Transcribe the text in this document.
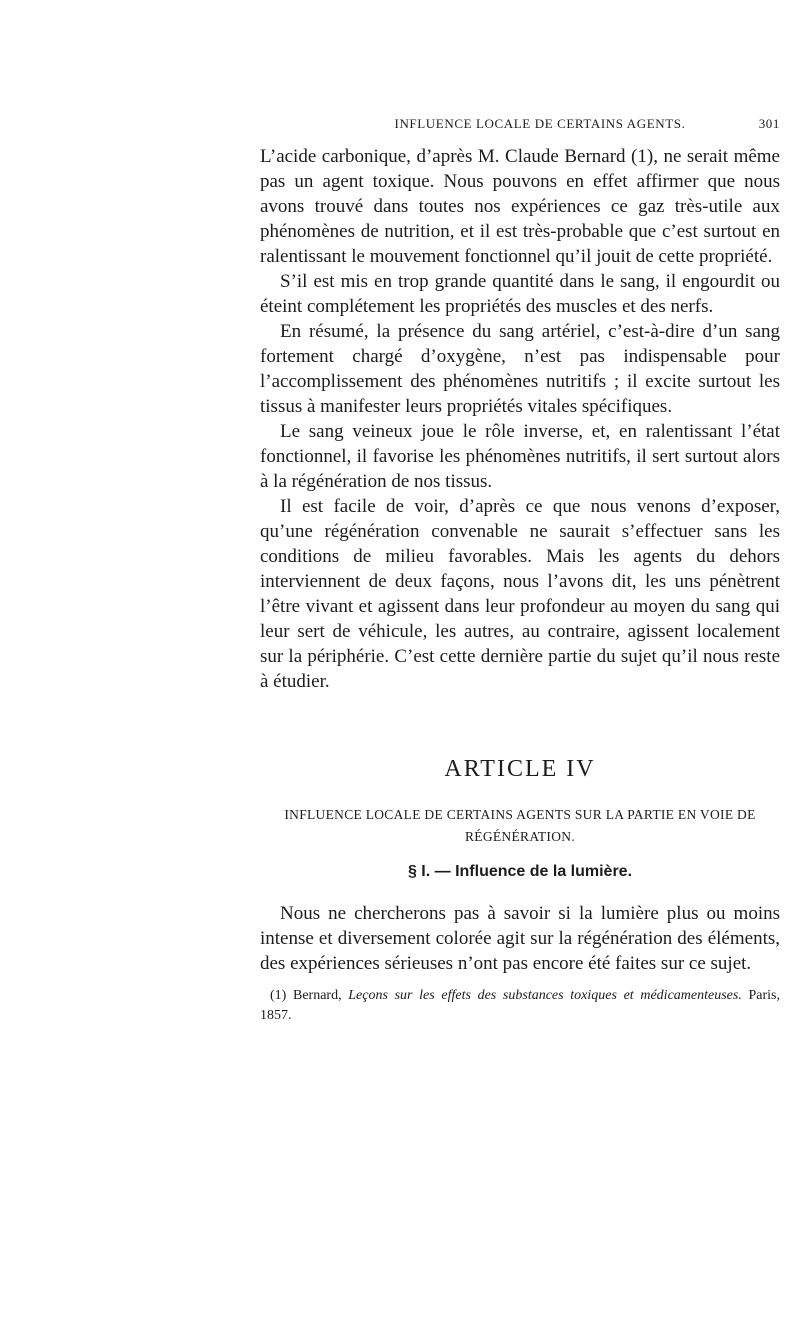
INFLUENCE LOCALE DE CERTAINS AGENTS.	301

L’acide carbonique, d’après M. Claude Bernard (1), ne serait même pas un agent toxique. Nous pouvons en effet affirmer que nous avons trouvé dans toutes nos expériences ce gaz très-utile aux phénomènes de nutrition, et il est très-probable que c’est surtout en ralentissant le mouvement fonctionnel qu’il jouit de cette propriété.

S’il est mis en trop grande quantité dans le sang, il engourdit ou éteint complétement les propriétés des muscles et des nerfs.

En résumé, la présence du sang artériel, c’est-à-dire d’un sang fortement chargé d’oxygène, n’est pas indispensable pour l’accomplissement des phénomènes nutritifs ; il excite surtout les tissus à manifester leurs propriétés vitales spécifiques.

Le sang veineux joue le rôle inverse, et, en ralentissant l’état fonctionnel, il favorise les phénomènes nutritifs, il sert surtout alors à la régénération de nos tissus.

Il est facile de voir, d’après ce que nous venons d’exposer, qu’une régénération convenable ne saurait s’effectuer sans les conditions de milieu favorables. Mais les agents du dehors interviennent de deux façons, nous l’avons dit, les uns pénètrent l’être vivant et agissent dans leur profondeur au moyen du sang qui leur sert de véhicule, les autres, au contraire, agissent localement sur la périphérie. C’est cette dernière partie du sujet qu’il nous reste à étudier.

ARTICLE IV
INFLUENCE LOCALE DE CERTAINS AGENTS SUR LA PARTIE EN VOIE DE
RÉGÉNÉRATION.
§ I. — Influence de la lumière.

Nous ne chercherons pas à savoir si la lumière plus ou moins intense et diversement colorée agit sur la régénération des éléments, des expériences sérieuses n’ont pas encore été faites sur ce sujet.

(1) Bernard, Leçons sur les effets des substances toxiques et médicamenteuses. Paris, 1857.
